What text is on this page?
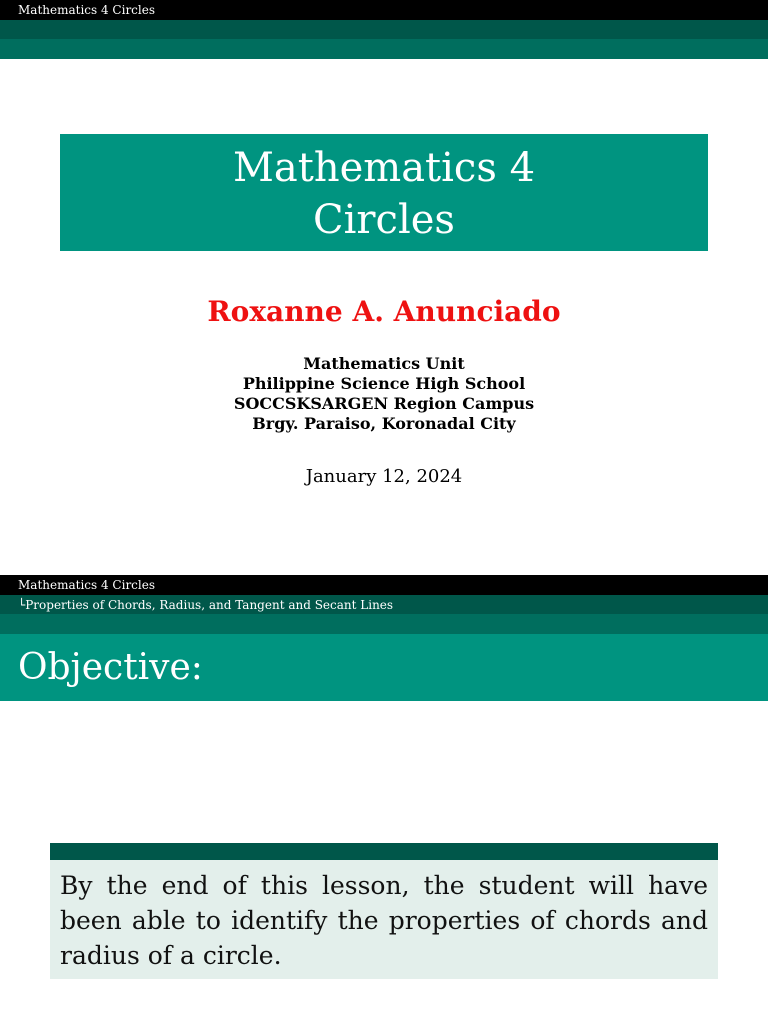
Mathematics 4 Circles
Mathematics 4
Circles
Roxanne A. Anunciado
Mathematics Unit
Philippine Science High School
SOCCSKSARGEN Region Campus
Brgy. Paraiso, Koronadal City
January 12, 2024
Mathematics 4 Circles
└Properties of Chords, Radius, and Tangent and Secant Lines
Objective:
By the end of this lesson, the student will have been able to identify the properties of chords and radius of a circle.
